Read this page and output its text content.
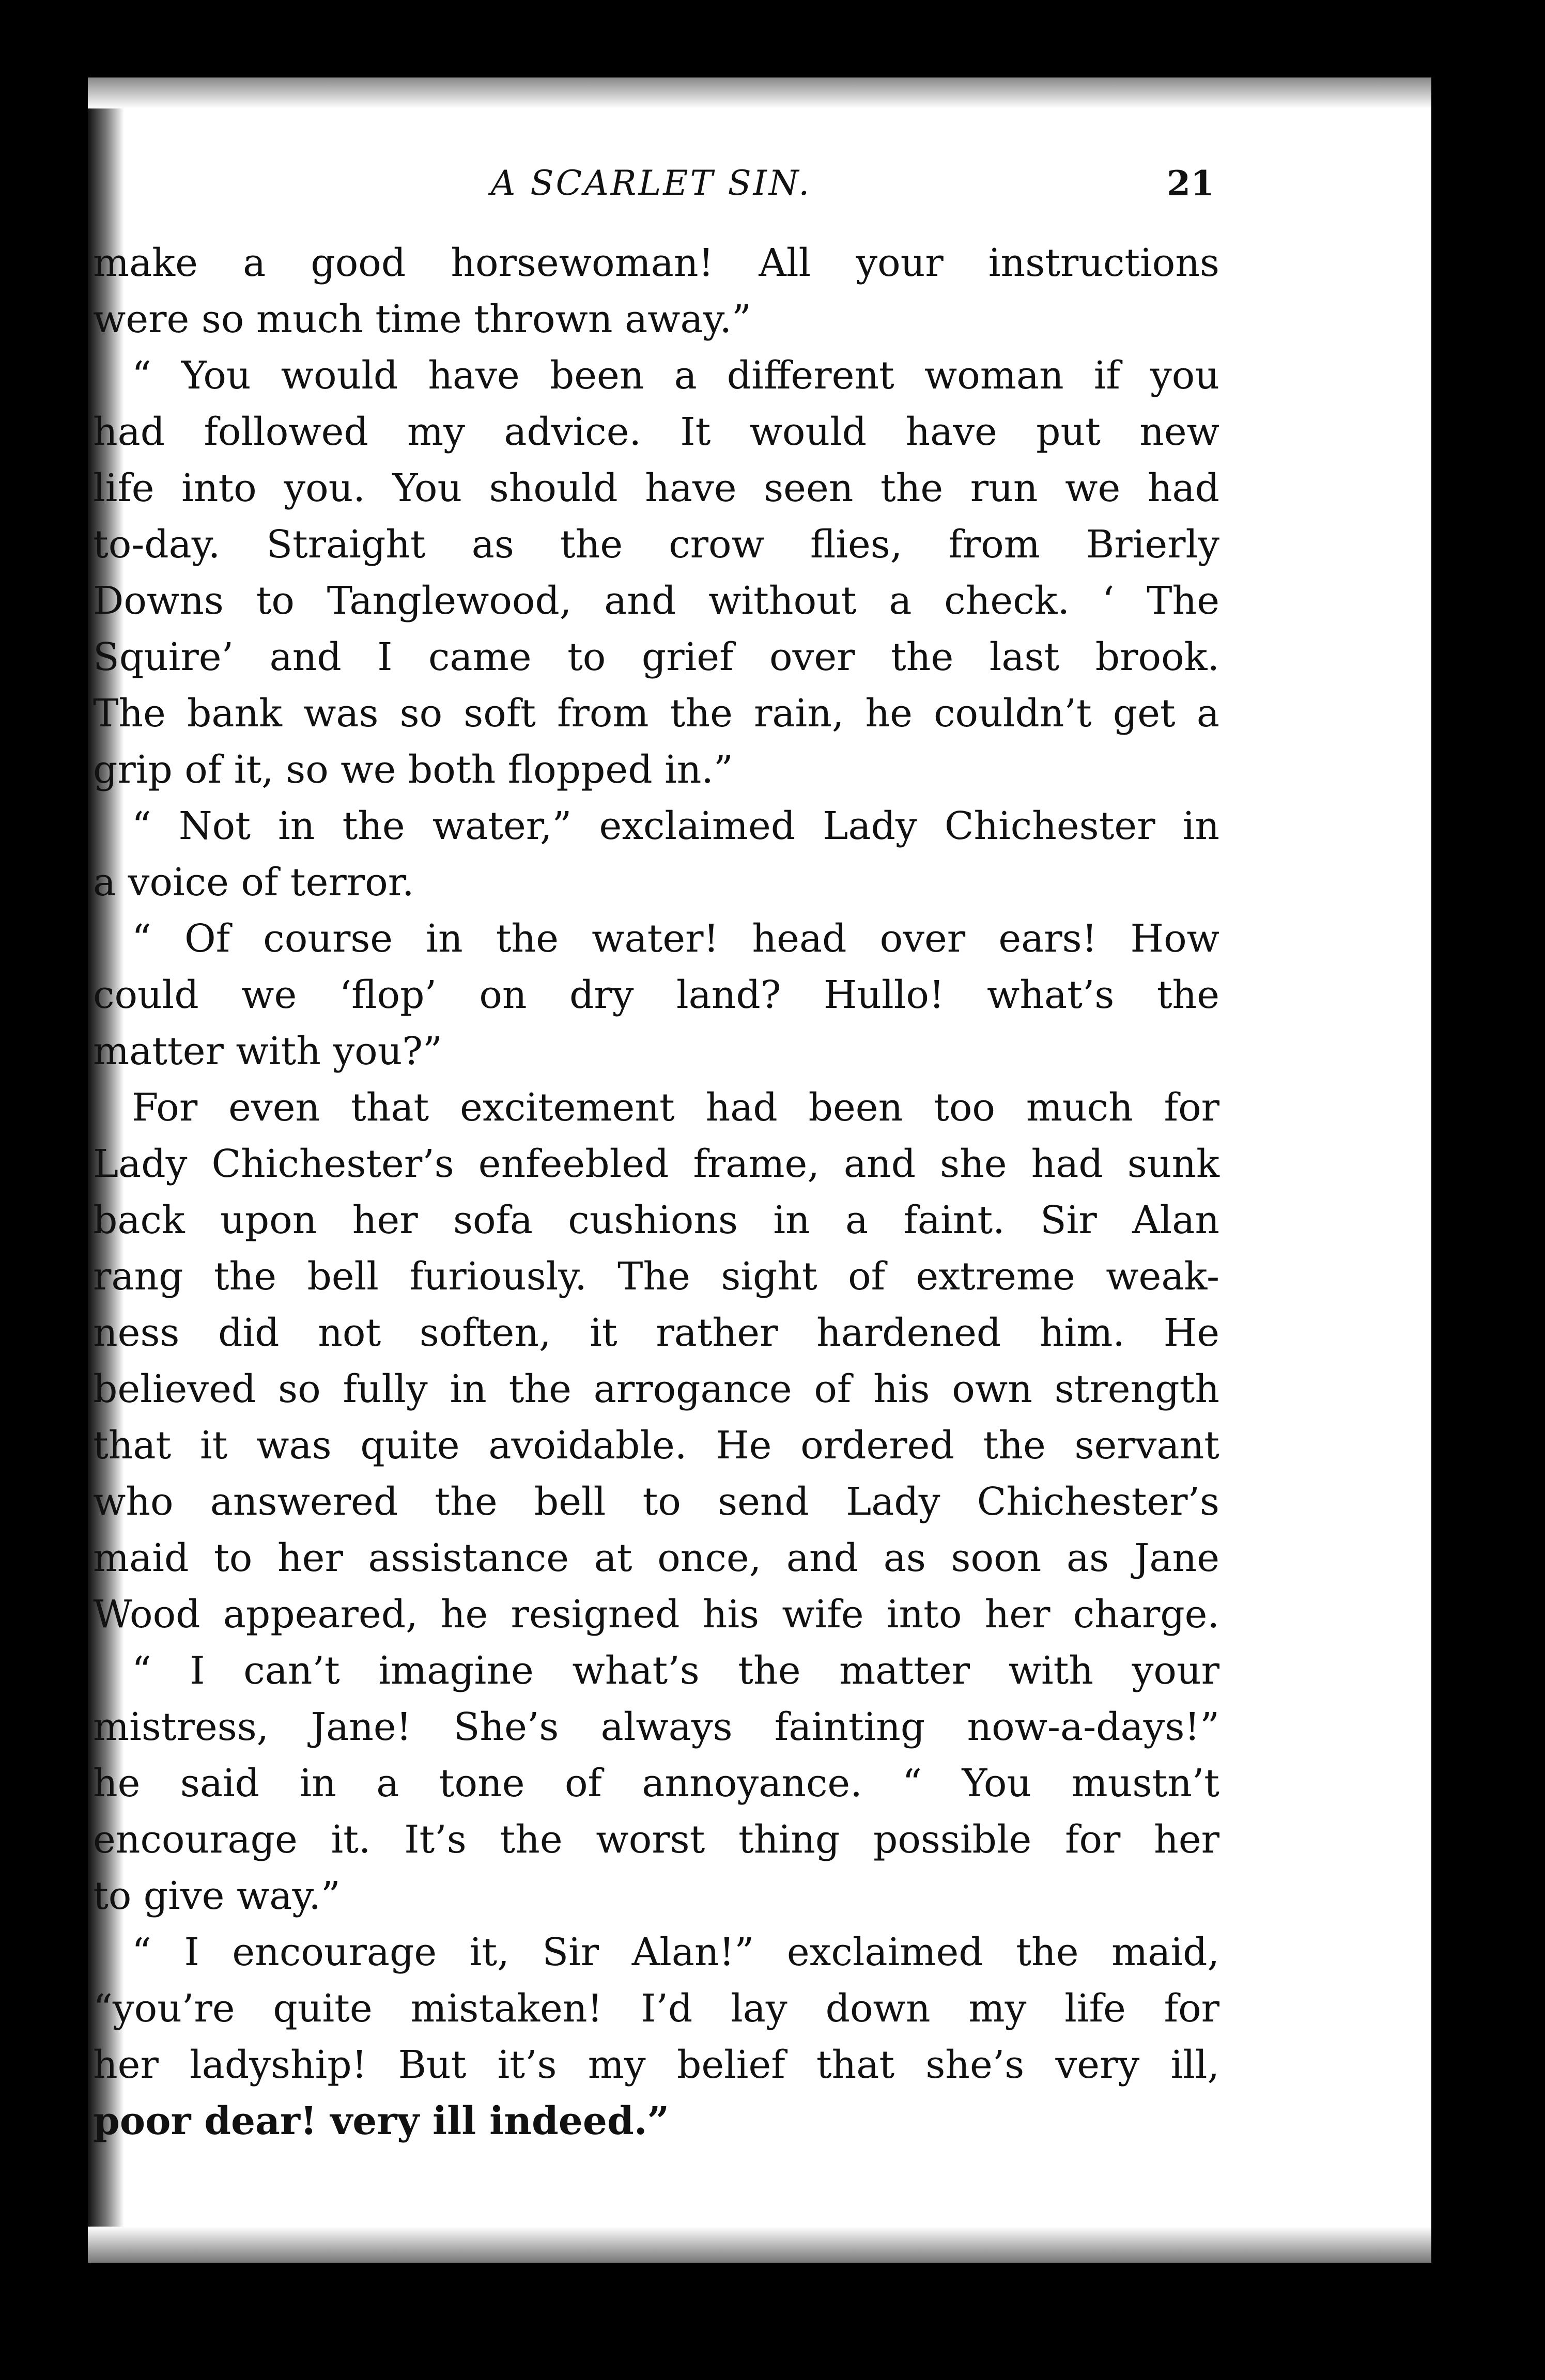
A SCARLET SIN.	21
make a good horsewoman! All your instructions
were so much time thrown away.”
“ You would have been a different woman if you
had followed my advice. It would have put new
life into you. You should have seen the run we had
to-day. Straight as the crow flies, from Brierly
Downs to Tanglewood, and without a check. ‘ The
Squire’ and I came to grief over the last brook.
The bank was so soft from the rain, he couldn’t get a
grip of it, so we both flopped in.”
“ Not in the water,” exclaimed Lady Chichester in
a voice of terror.
“ Of course in the water! head over ears! How
could we ‘flop’ on dry land? Hullo! what’s the
matter with you?”
For even that excitement had been too much for
Lady Chichester’s enfeebled frame, and she had sunk
back upon her sofa cushions in a faint. Sir Alan
rang the bell furiously. The sight of extreme weak-
ness did not soften, it rather hardened him. He
believed so fully in the arrogance of his own strength
that it was quite avoidable. He ordered the servant
who answered the bell to send Lady Chichester’s
maid to her assistance at once, and as soon as Jane
Wood appeared, he resigned his wife into her charge.
“ I can’t imagine what’s the matter with your
mistress, Jane! She’s always fainting now-a-days!”
he said in a tone of annoyance. “ You mustn’t
encourage it. It’s the worst thing possible for her
to give way.”
“ I encourage it, Sir Alan!” exclaimed the maid,
“you’re quite mistaken! I’d lay down my life for
her ladyship! But it’s my belief that she’s very ill,
poor dear! very ill indeed.”
